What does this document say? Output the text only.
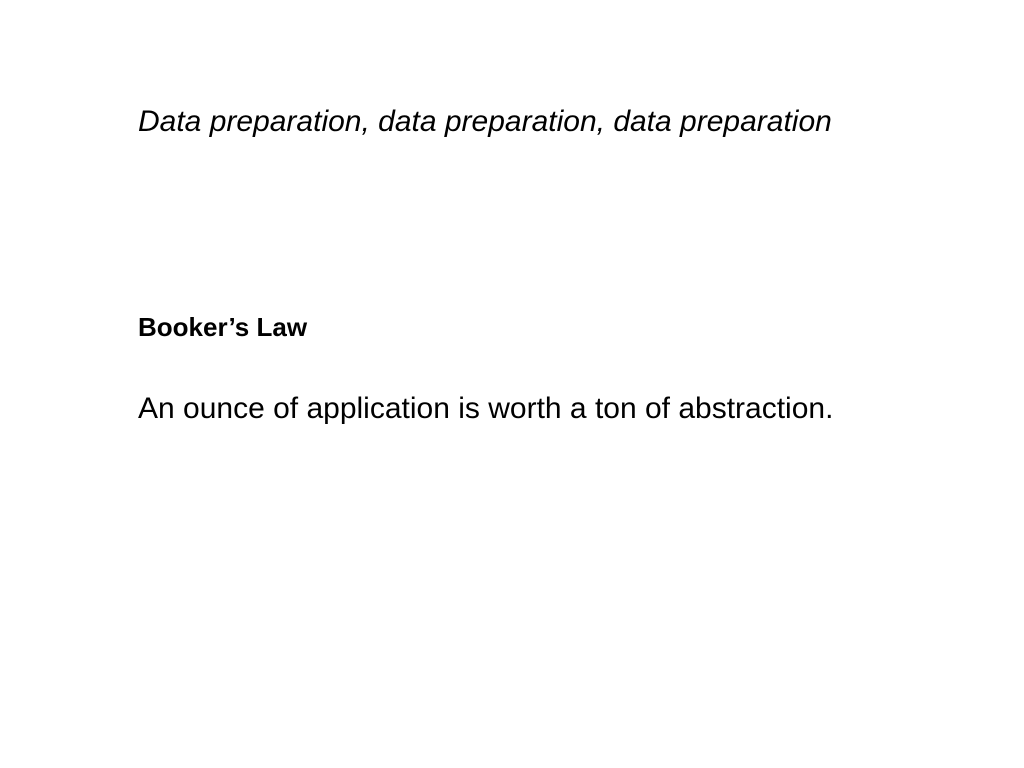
Data preparation, data preparation, data preparation

Booker’s Law

An ounce of application is worth a ton of abstraction.
